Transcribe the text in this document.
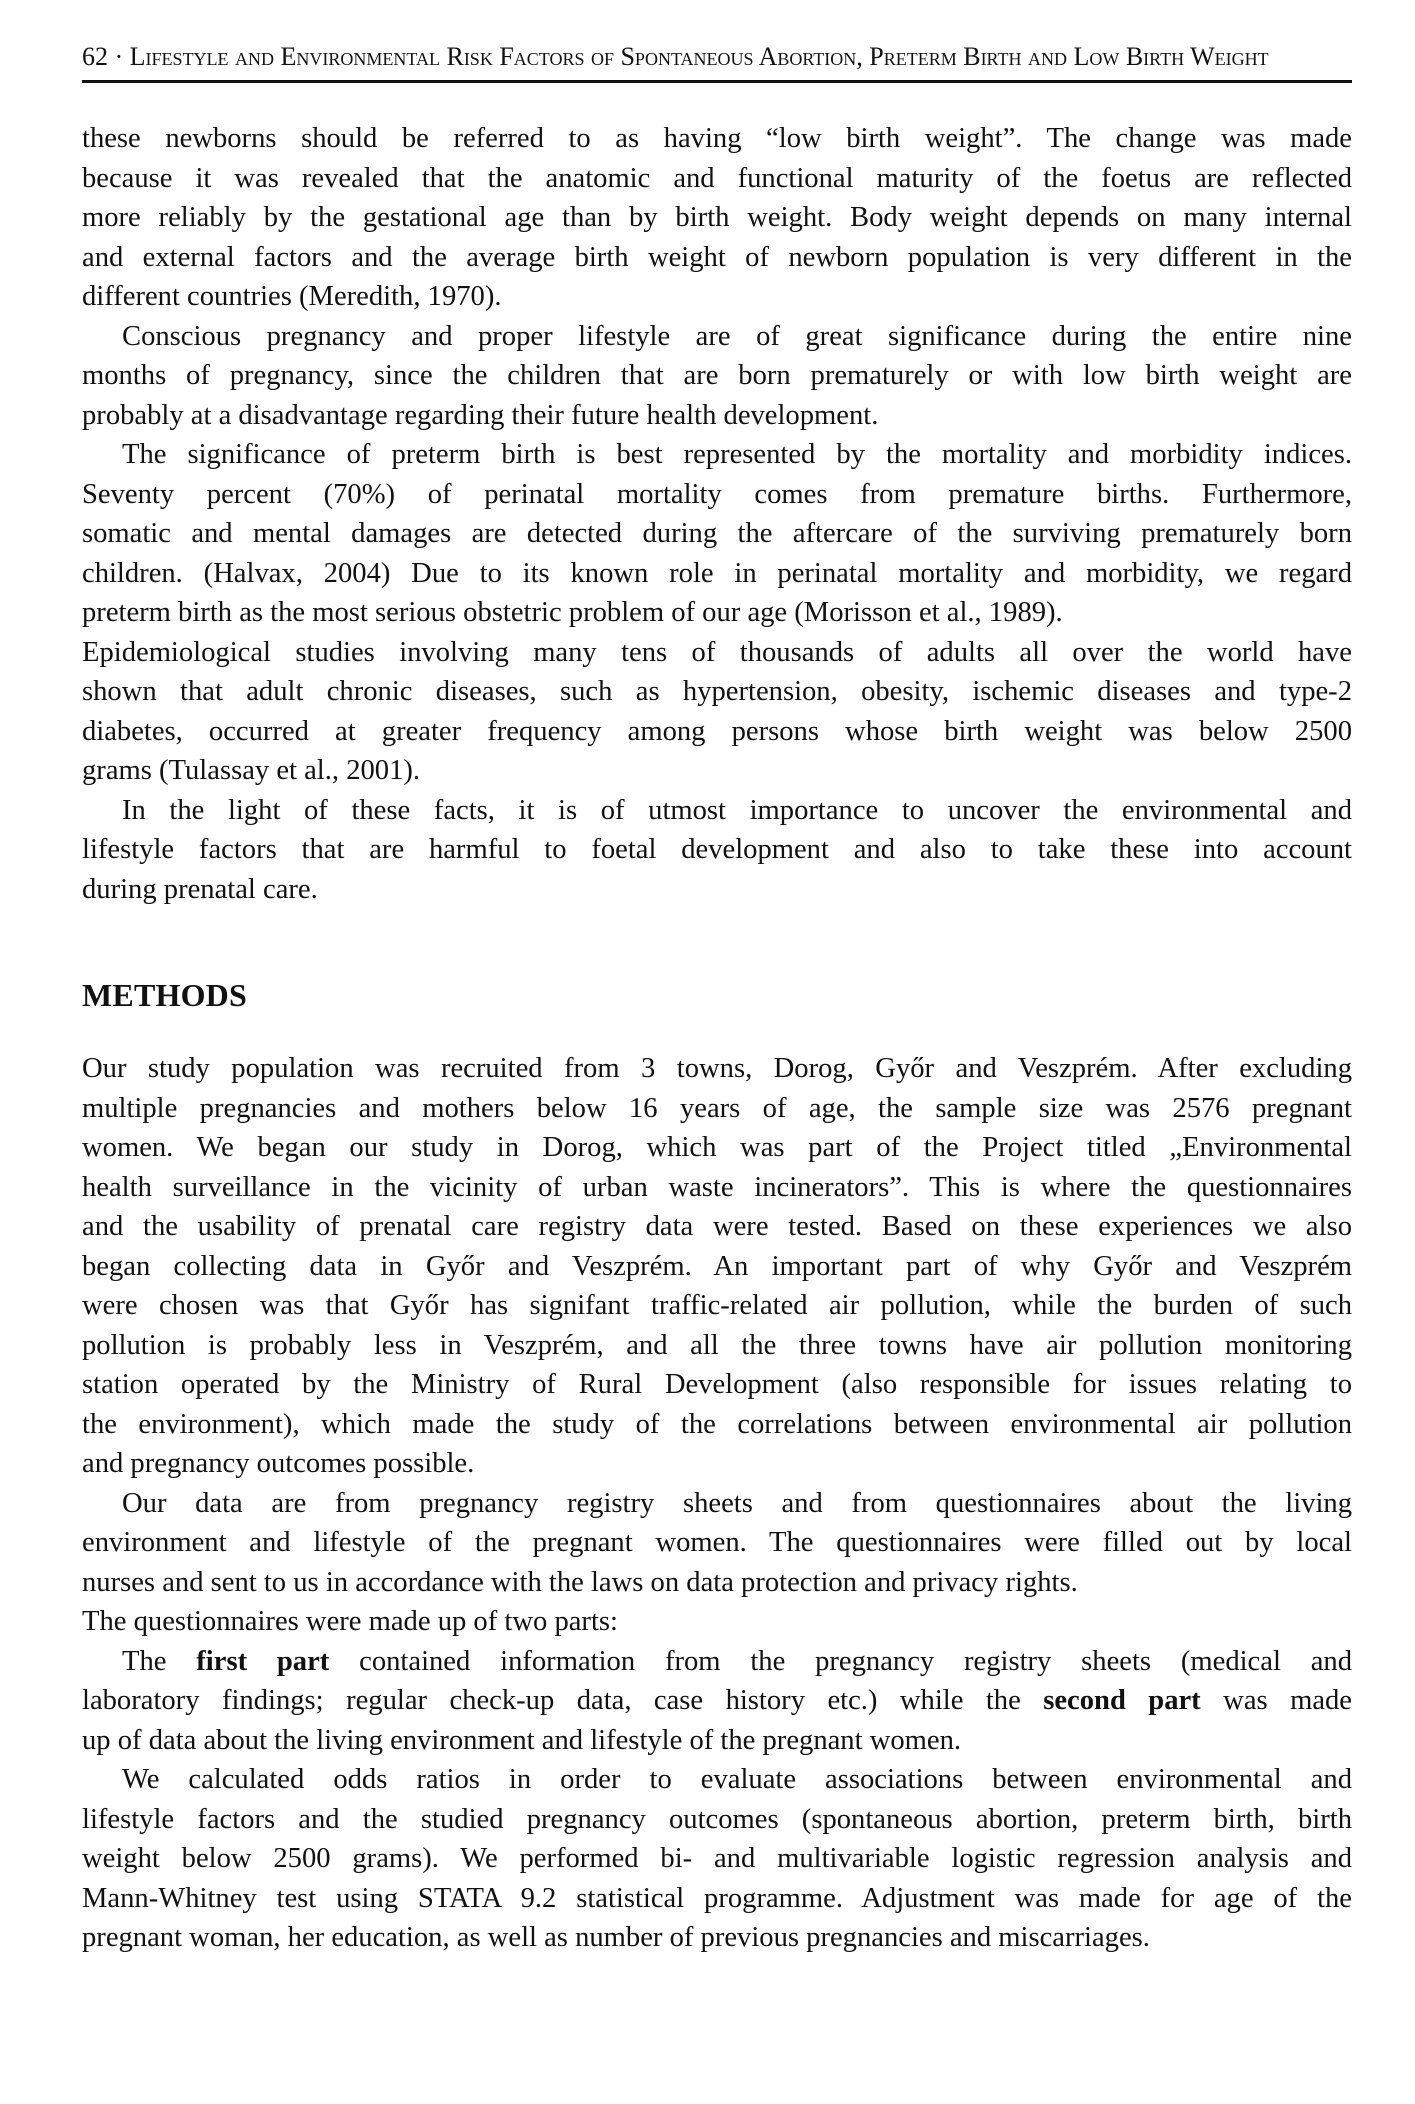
62 · Lifestyle and Environmental Risk Factors of Spontaneous Abortion, Preterm Birth and Low Birth Weight

these newborns should be referred to as having “low birth weight”. The change was made
because it was revealed that the anatomic and functional maturity of the foetus are reflected
more reliably by the gestational age than by birth weight. Body weight depends on many internal
and external factors and the average birth weight of newborn population is very different in the
different countries (Meredith, 1970).

Conscious pregnancy and proper lifestyle are of great significance during the entire nine
months of pregnancy, since the children that are born prematurely or with low birth weight are
probably at a disadvantage regarding their future health development.

The significance of preterm birth is best represented by the mortality and morbidity indices.
Seventy percent (70%) of perinatal mortality comes from premature births. Furthermore,
somatic and mental damages are detected during the aftercare of the surviving prematurely born
children. (Halvax, 2004) Due to its known role in perinatal mortality and morbidity, we regard
preterm birth as the most serious obstetric problem of our age (Morisson et al., 1989).

Epidemiological studies involving many tens of thousands of adults all over the world have
shown that adult chronic diseases, such as hypertension, obesity, ischemic diseases and type-2
diabetes, occurred at greater frequency among persons whose birth weight was below 2500
grams (Tulassay et al., 2001).

In the light of these facts, it is of utmost importance to uncover the environmental and
lifestyle factors that are harmful to foetal development and also to take these into account
during prenatal care.

METHODS

Our study population was recruited from 3 towns, Dorog, Győr and Veszprém. After excluding
multiple pregnancies and mothers below 16 years of age, the sample size was 2576 pregnant
women. We began our study in Dorog, which was part of the Project titled „Environmental
health surveillance in the vicinity of urban waste incinerators”. This is where the questionnaires
and the usability of prenatal care registry data were tested. Based on these experiences we also
began collecting data in Győr and Veszprém. An important part of why Győr and Veszprém
were chosen was that Győr has signifant traffic-related air pollution, while the burden of such
pollution is probably less in Veszprém, and all the three towns have air pollution monitoring
station operated by the Ministry of Rural Development (also responsible for issues relating to
the environment), which made the study of the correlations between environmental air pollution
and pregnancy outcomes possible.

Our data are from pregnancy registry sheets and from questionnaires about the living
environment and lifestyle of the pregnant women. The questionnaires were filled out by local
nurses and sent to us in accordance with the laws on data protection and privacy rights.

The questionnaires were made up of two parts:

The first part contained information from the pregnancy registry sheets (medical and
laboratory findings; regular check-up data, case history etc.) while the second part was made
up of data about the living environment and lifestyle of the pregnant women.

We calculated odds ratios in order to evaluate associations between environmental and
lifestyle factors and the studied pregnancy outcomes (spontaneous abortion, preterm birth, birth
weight below 2500 grams). We performed bi- and multivariable logistic regression analysis and
Mann-Whitney test using STATA 9.2 statistical programme. Adjustment was made for age of the
pregnant woman, her education, as well as number of previous pregnancies and miscarriages.
